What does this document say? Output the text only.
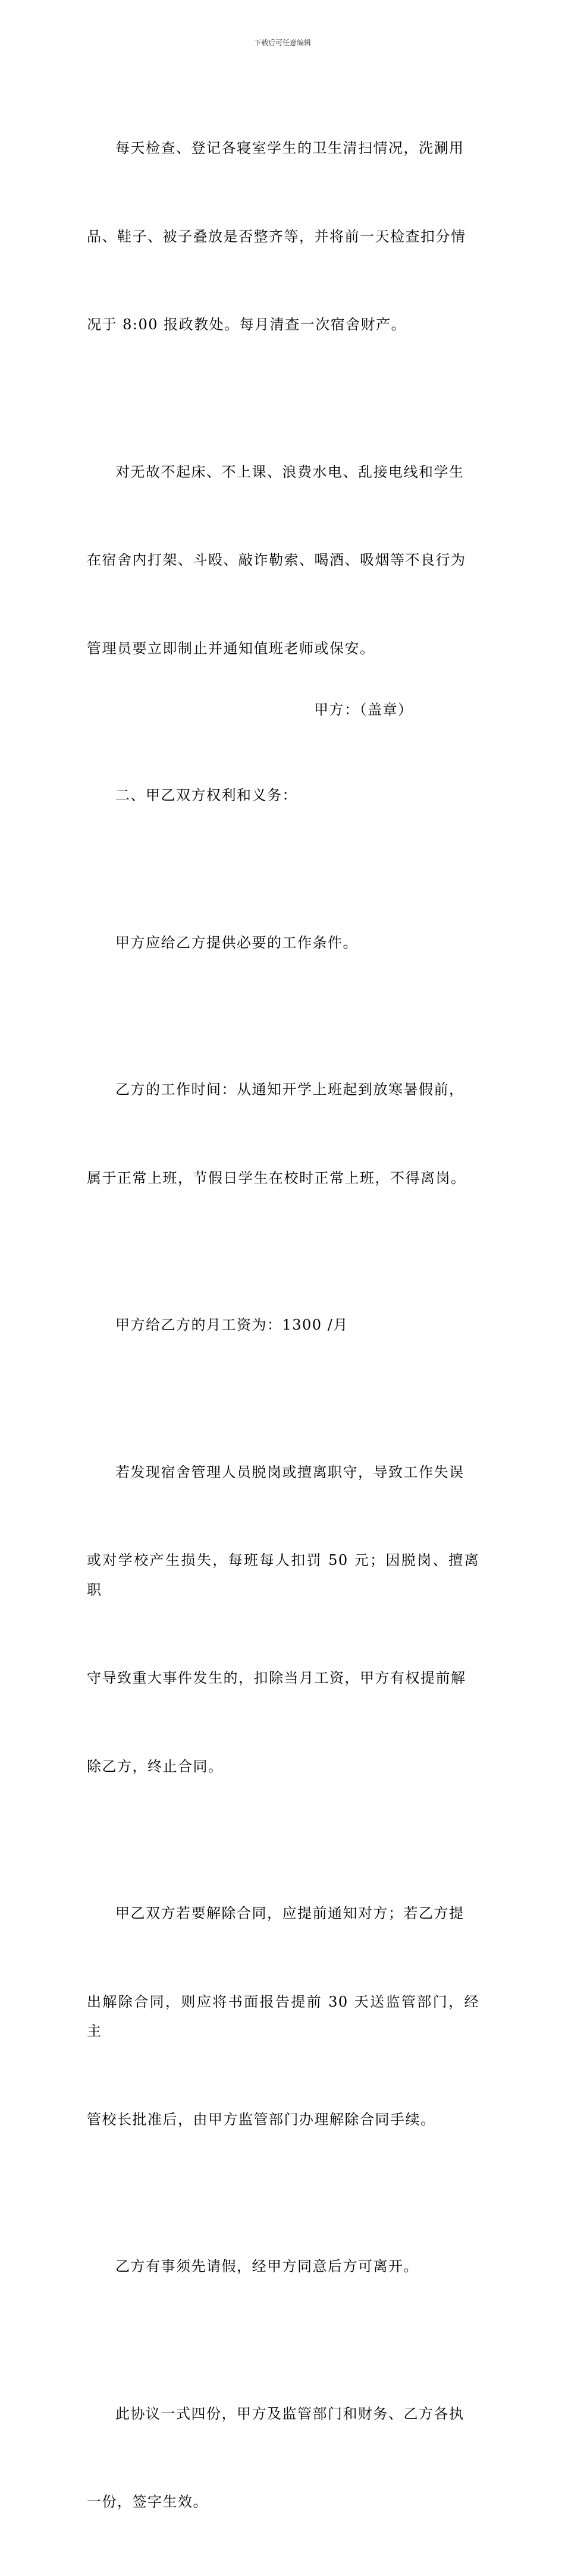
下载后可任意编辑

每天检查、登记各寝室学生的卫生清扫情况，洗涮用

品、鞋子、被子叠放是否整齐等，并将前一天检查扣分情

况于 8:00 报政教处。每月清查一次宿舍财产。

对无故不起床、不上课、浪费水电、乱接电线和学生

在宿舍内打架、斗殴、敲诈勒索、喝酒、吸烟等不良行为

管理员要立即制止并通知值班老师或保安。

二、甲乙双方权利和义务：

甲方应给乙方提供必要的工作条件。

乙方的工作时间：从通知开学上班起到放寒暑假前，

属于正常上班，节假日学生在校时正常上班，不得离岗。

甲方给乙方的月工资为：1300 /月

若发现宿舍管理人员脱岗或擅离职守，导致工作失误

或对学校产生损失，每班每人扣罚 50 元；因脱岗、擅离职

守导致重大事件发生的，扣除当月工资，甲方有权提前解

除乙方，终止合同。

甲乙双方若要解除合同，应提前通知对方；若乙方提

出解除合同，则应将书面报告提前 30 天送监管部门，经主

管校长批准后，由甲方监管部门办理解除合同手续。

乙方有事须先请假，经甲方同意后方可离开。

此协议一式四份，甲方及监管部门和财务、乙方各执

一份，签字生效。

甲方：（盖章）
